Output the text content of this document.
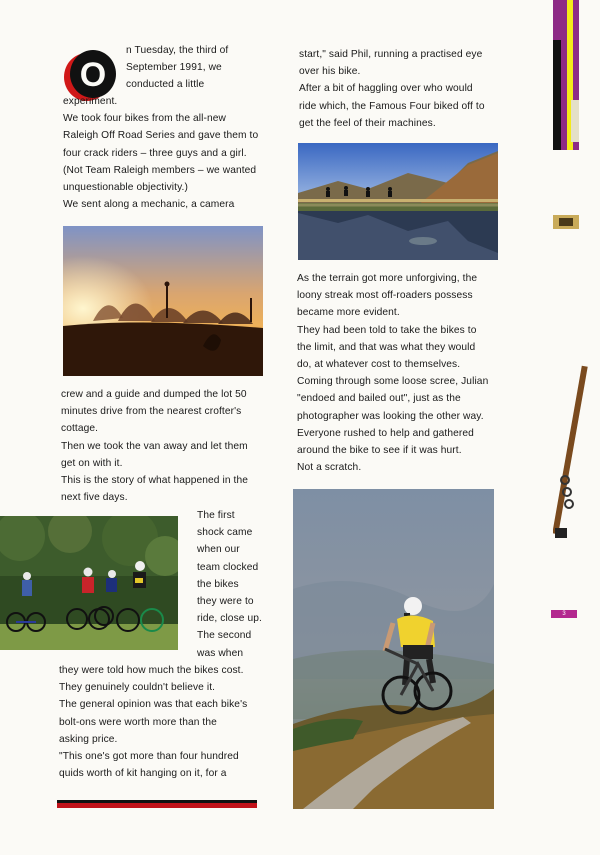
O

n Tuesday, the third of

September 1991, we

conducted a little

experiment.

We took four bikes from the all-new

Raleigh Off Road Series and gave them to

four crack riders – three guys and a girl.

(Not Team Raleigh members – we wanted

unquestionable objectivity.)

We sent along a mechanic, a camera

crew and a guide and dumped the lot 50

minutes drive from the nearest crofter's

cottage.

Then we took the van away and let them

get on with it.

This is the story of what happened in the

next five days.

The first

shock came

when our

team clocked

the bikes

they were to

ride, close up.

The second

was when

they were told how much the bikes cost.

They genuinely couldn't believe it.

The general opinion was that each bike's

bolt-ons were worth more than the

asking price.

"This one's got more than four hundred

quids worth of kit hanging on it, for a

start," said Phil, running a practised eye

over his bike.

After a bit of haggling over who would

ride which, the Famous Four biked off to

get the feel of their machines.

As the terrain got more unforgiving, the

loony streak most off-roaders possess

became more evident.

They had been told to take the bikes to

the limit, and that was what they would

do, at whatever cost to themselves.

Coming through some loose scree, Julian

"endoed and bailed out", just as the

photographer was looking the other way.

Everyone rushed to help and gathered

around the bike to see if it was hurt.

Not a scratch.

3
